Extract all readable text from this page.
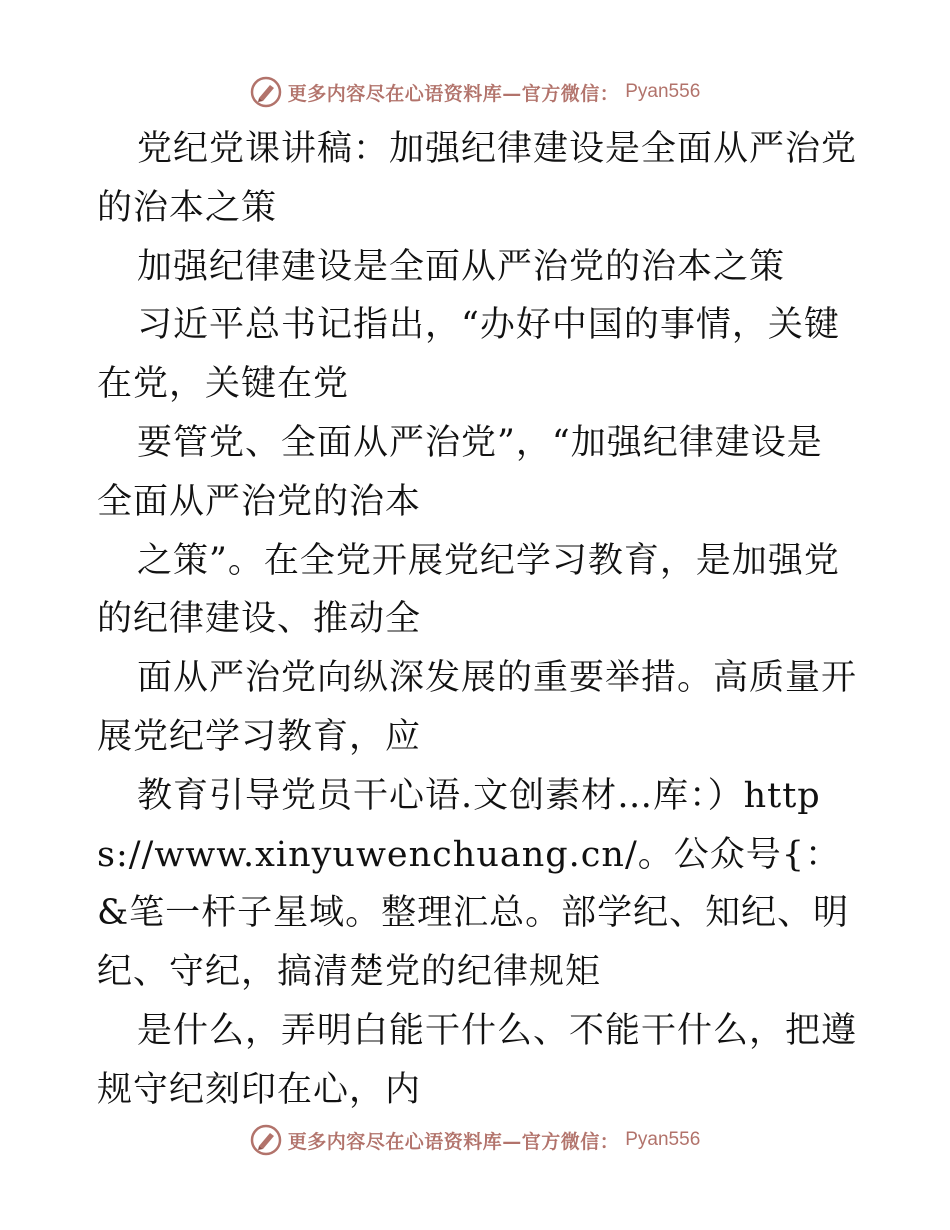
更多内容尽在心语资料库—官方微信： Pyan556

党纪党课讲稿：加强纪律建设是全面从严治党的治本之策

加强纪律建设是全面从严治党的治本之策

习近平总书记指出，“办好中国的事情，关键在党，关键在党

要管党、全面从严治党”，“加强纪律建设是全面从严治党的治本

之策”。在全党开展党纪学习教育，是加强党的纪律建设、推动全

面从严治党向纵深发展的重要举措。高质量开展党纪学习教育，应

教育引导党员干心语.文创素材…库：）https://www.xinyuwenchuang.cn/。公众号{：&笔一杆子星域。整理汇总。部学纪、知纪、明纪、守纪，搞清楚党的纪律规矩

是什么，弄明白能干什么、不能干什么，把遵规守纪刻印在心，内

更多内容尽在心语资料库—官方微信： Pyan556
